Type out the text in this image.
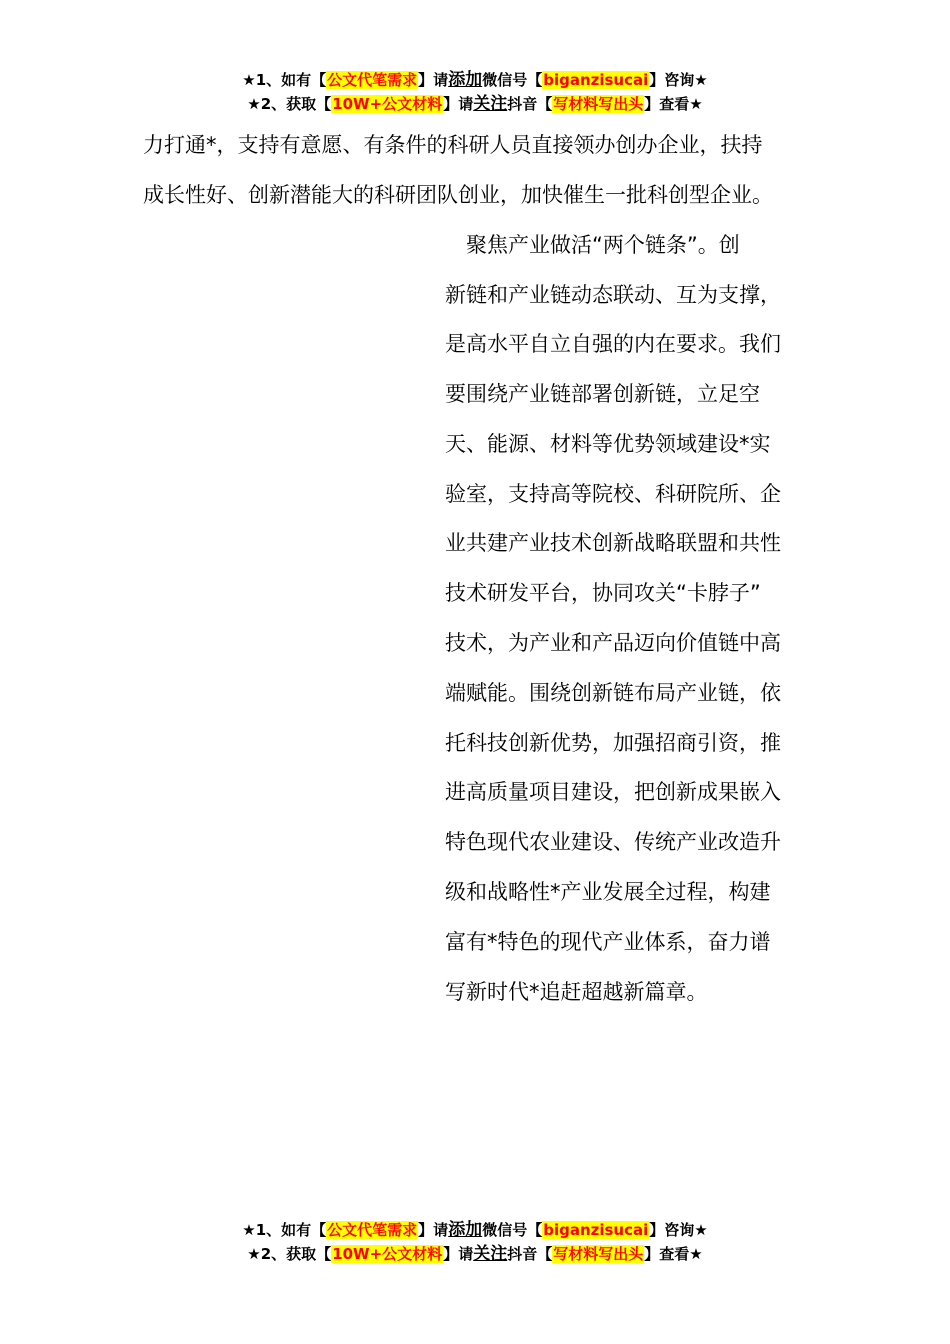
★1、如有【公文代笔需求】请添加微信号【biganzisucai】咨询★
★2、获取【10W+公文材料】请关注抖音【写材料写出头】查看★
力打通*，支持有意愿、有条件的科研人员直接领办创办企业，扶持
成长性好、创新潜能大的科研团队创业，加快催生一批科创型企业。
　聚焦产业做活“两个链条”。创
新链和产业链动态联动、互为支撑，
是高水平自立自强的内在要求。我们
要围绕产业链部署创新链，立足空
天、能源、材料等优势领域建设*实
验室，支持高等院校、科研院所、企
业共建产业技术创新战略联盟和共性
技术研发平台，协同攻关“卡脖子”
技术，为产业和产品迈向价值链中高
端赋能。围绕创新链布局产业链，依
托科技创新优势，加强招商引资，推
进高质量项目建设，把创新成果嵌入
特色现代农业建设、传统产业改造升
级和战略性*产业发展全过程，构建
富有*特色的现代产业体系，奋力谱
写新时代*追赶超越新篇章。
★1、如有【公文代笔需求】请添加微信号【biganzisucai】咨询★
★2、获取【10W+公文材料】请关注抖音【写材料写出头】查看★
